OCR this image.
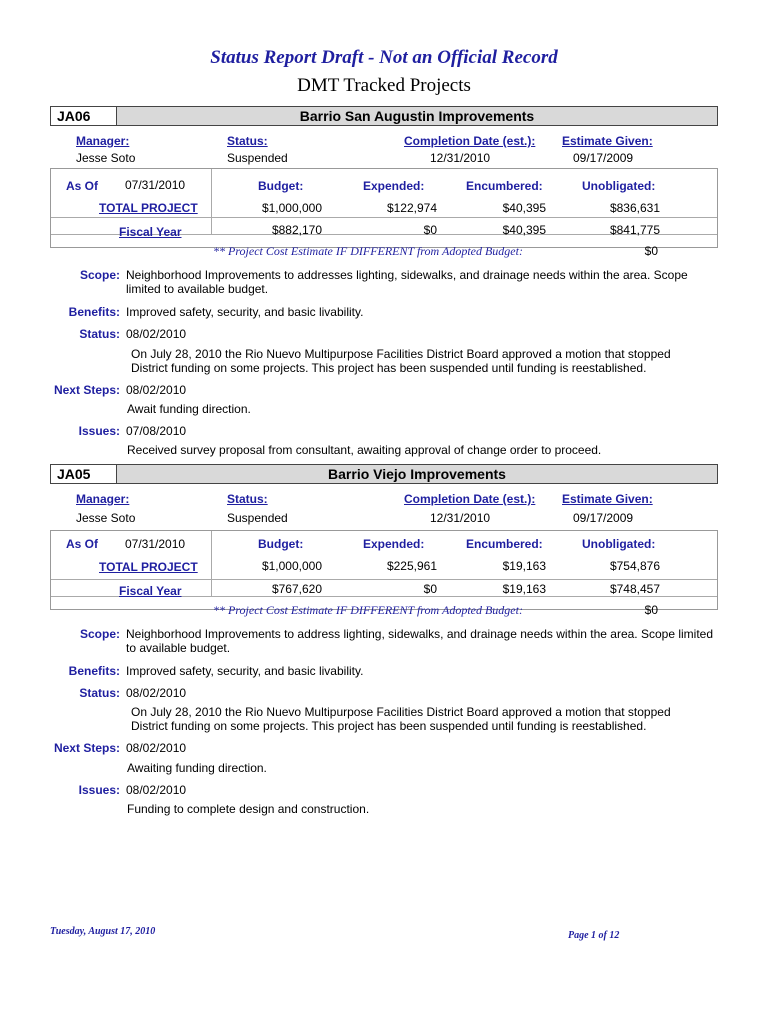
Status Report Draft - Not an Official Record
DMT Tracked Projects
JA06	Barrio San Augustin Improvements
Manager:	Status:	Completion Date (est.): Estimate Given:
Jesse Soto	Suspended	12/31/2010	09/17/2009
As Of 07/31/2010	Budget:	Expended:	Encumbered:	Unobligated:
TOTAL PROJECT	$1,000,000	$122,974	$40,395	$836,631
Fiscal Year	$882,170	$0	$40,395	$841,775
** Project Cost Estimate IF DIFFERENT from Adopted Budget:	$0
Scope: Neighborhood Improvements to addresses lighting, sidewalks, and drainage needs within the area. Scope limited to available budget.
Benefits: Improved safety, security, and basic livability.
Status: 08/02/2010
On July 28, 2010 the Rio Nuevo Multipurpose Facilities District Board approved a motion that stopped District funding on some projects. This project has been suspended until funding is reestablished.
Next Steps: 08/02/2010
Await funding direction.
Issues: 07/08/2010
Received survey proposal from consultant, awaiting approval of change order to proceed.
JA05	Barrio Viejo Improvements
Manager:	Status:	Completion Date (est.): Estimate Given:
Jesse Soto	Suspended	12/31/2010	09/17/2009
As Of 07/31/2010	Budget:	Expended:	Encumbered:	Unobligated:
TOTAL PROJECT	$1,000,000	$225,961	$19,163	$754,876
Fiscal Year	$767,620	$0	$19,163	$748,457
** Project Cost Estimate IF DIFFERENT from Adopted Budget:	$0
Scope: Neighborhood Improvements to address lighting, sidewalks, and drainage needs within the area. Scope limited to available budget.
Benefits: Improved safety, security, and basic livability.
Status: 08/02/2010
On July 28, 2010 the Rio Nuevo Multipurpose Facilities District Board approved a motion that stopped District funding on some projects. This project has been suspended until funding is reestablished.
Next Steps: 08/02/2010
Awaiting funding direction.
Issues: 08/02/2010
Funding to complete design and construction.
Tuesday, August 17, 2010	Page 1 of 12
